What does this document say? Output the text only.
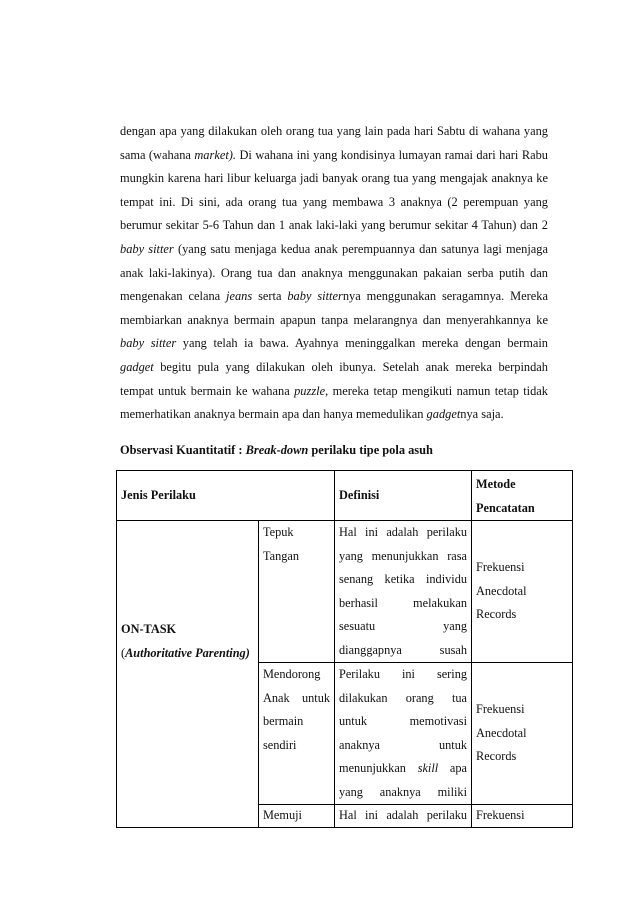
dengan apa yang dilakukan oleh orang tua yang lain pada hari Sabtu di wahana yang sama (wahana market). Di wahana ini yang kondisinya lumayan ramai dari hari Rabu mungkin karena hari libur keluarga jadi banyak orang tua yang mengajak anaknya ke tempat ini. Di sini, ada orang tua yang membawa 3 anaknya (2 perempuan yang berumur sekitar 5-6 Tahun dan 1 anak laki-laki yang berumur sekitar 4 Tahun) dan 2 baby sitter (yang satu menjaga kedua anak perempuannya dan satunya lagi menjaga anak laki-lakinya). Orang tua dan anaknya menggunakan pakaian serba putih dan mengenakan celana jeans serta baby sitternya menggunakan seragamnya. Mereka membiarkan anaknya bermain apapun tanpa melarangnya dan menyerahkannya ke baby sitter yang telah ia bawa. Ayahnya meninggalkan mereka dengan bermain gadget begitu pula yang dilakukan oleh ibunya. Setelah anak mereka berpindah tempat untuk bermain ke wahana puzzle, mereka tetap mengikuti namun tetap tidak memerhatikan anaknya bermain apa dan hanya memedulikan gadgetnya saja.

Observasi Kuantitatif : Break-down perilaku tipe pola asuh
Jenis Perilaku		Definisi	Metode Pencatatan

ON-TASK
(Authoritative Parenting)	Tepuk Tangan	Hal ini adalah perilaku yang menunjukkan rasa senang ketika individu berhasil melakukan sesuatu yang dianggapnya susah	Frekuensi Anecdotal Records
	Mendorong Anak untuk bermain sendiri	Perilaku ini sering dilakukan orang tua untuk memotivasi anaknya untuk menunjukkan skill apa yang anaknya miliki	Frekuensi Anecdotal Records
	Memuji	Hal ini adalah perilaku	Frekuensi
